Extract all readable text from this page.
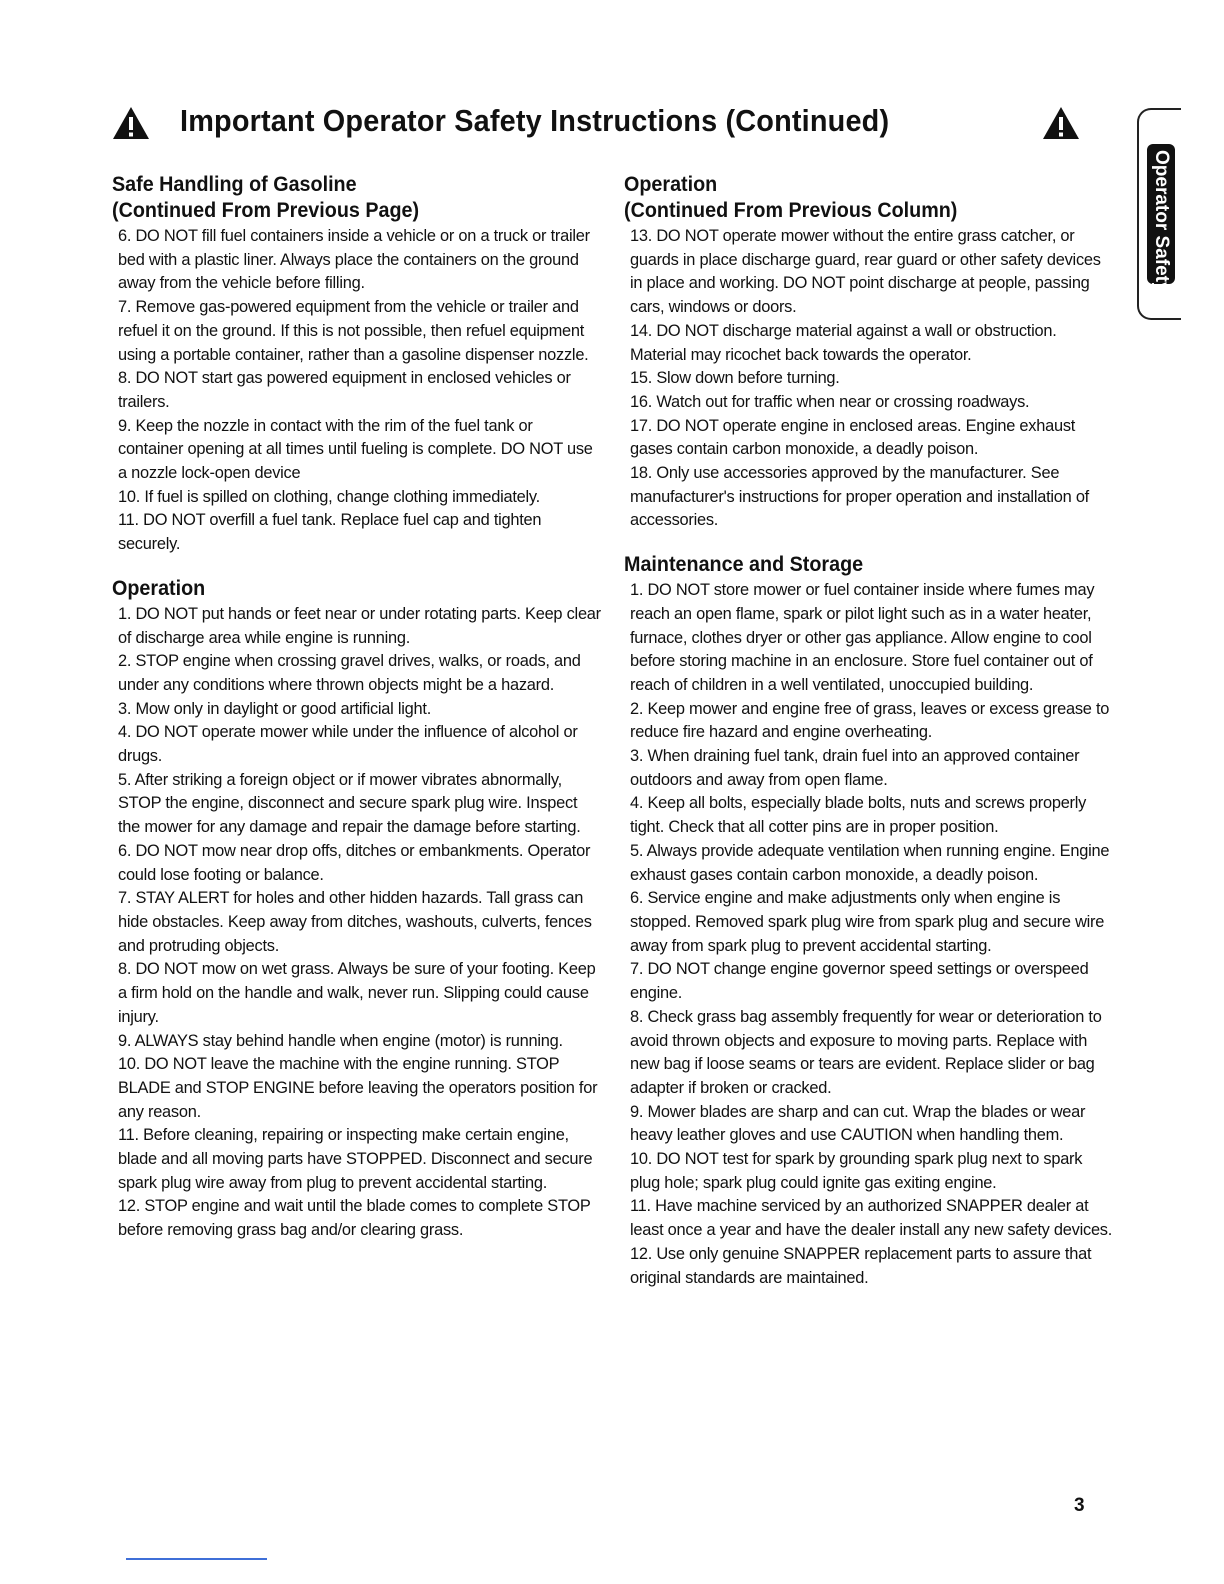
Important Operator Safety Instructions (Continued)
Operator Safety
Safe Handling of Gasoline
(Continued From Previous Page)
6. DO NOT fill fuel containers inside a vehicle or on a truck or trailer bed with a plastic liner. Always place the containers on the ground away from the vehicle before filling.
7. Remove gas-powered equipment from the vehicle or trailer and refuel it on the ground. If this is not possible, then refuel equipment using a portable container, rather than a gasoline dispenser nozzle.
8. DO NOT start gas powered equipment in enclosed vehicles or trailers.
9. Keep the nozzle in contact with the rim of the fuel tank or container opening at all times until fueling is complete. DO NOT use a nozzle lock-open device
10. If fuel is spilled on clothing, change clothing immediately.
11. DO NOT overfill a fuel tank. Replace fuel cap and tighten securely.
Operation
1. DO NOT put hands or feet near or under rotating parts. Keep clear of discharge area while engine is running.
2. STOP engine when crossing gravel drives, walks, or roads, and under any conditions where thrown objects might be a hazard.
3. Mow only in daylight or good artificial light.
4. DO NOT operate mower while under the influence of alcohol or drugs.
5. After striking a foreign object or if mower vibrates abnormally, STOP the engine, disconnect and secure spark plug wire. Inspect the mower for any damage and repair the damage before starting.
6. DO NOT mow near drop offs, ditches or embankments. Operator could lose footing or balance.
7. STAY ALERT for holes and other hidden hazards. Tall grass can hide obstacles. Keep away from ditches, washouts, culverts, fences and protruding objects.
8. DO NOT mow on wet grass. Always be sure of your footing. Keep a firm hold on the handle and walk, never run. Slipping could cause injury.
9. ALWAYS stay behind handle when engine (motor) is running.
10. DO NOT leave the machine with the engine running. STOP BLADE and STOP ENGINE before leaving the operators position for any reason.
11. Before cleaning, repairing or inspecting make certain engine, blade and all moving parts have STOPPED. Disconnect and secure spark plug wire away from plug to prevent accidental starting.
12. STOP engine and wait until the blade comes to complete STOP before removing grass bag and/or clearing grass.
Operation
(Continued From Previous Column)
13. DO NOT operate mower without the entire grass catcher, or guards in place discharge guard, rear guard or other safety devices in place and working. DO NOT point discharge at people, passing cars, windows or doors.
14. DO NOT discharge material against a wall or obstruction. Material may ricochet back towards the operator.
15. Slow down before turning.
16. Watch out for traffic when near or crossing roadways.
17. DO NOT operate engine in enclosed areas. Engine exhaust gases contain carbon monoxide, a deadly poison.
18. Only use accessories approved by the manufacturer. See manufacturer's instructions for proper operation and installation of accessories.
Maintenance and Storage
1. DO NOT store mower or fuel container inside where fumes may reach an open flame, spark or pilot light such as in a water heater, furnace, clothes dryer or other gas appliance. Allow engine to cool before storing machine in an enclosure. Store fuel container out of reach of children in a well ventilated, unoccupied building.
2. Keep mower and engine free of grass, leaves or excess grease to reduce fire hazard and engine overheating.
3. When draining fuel tank, drain fuel into an approved container outdoors and away from open flame.
4. Keep all bolts, especially blade bolts, nuts and screws properly tight. Check that all cotter pins are in proper position.
5. Always provide adequate ventilation when running engine. Engine exhaust gases contain carbon monoxide, a deadly poison.
6. Service engine and make adjustments only when engine is stopped. Removed spark plug wire from spark plug and secure wire away from spark plug to prevent accidental starting.
7. DO NOT change engine governor speed settings or overspeed engine.
8. Check grass bag assembly frequently for wear or deterioration to avoid thrown objects and exposure to moving parts. Replace with new bag if loose seams or tears are evident. Replace slider or bag adapter if broken or cracked.
9. Mower blades are sharp and can cut. Wrap the blades or wear heavy leather gloves and use CAUTION when handling them.
10. DO NOT test for spark by grounding spark plug next to spark plug hole; spark plug could ignite gas exiting engine.
11. Have machine serviced by an authorized SNAPPER dealer at least once a year and have the dealer install any new safety devices.
12. Use only genuine SNAPPER replacement parts to assure that original standards are maintained.

3
